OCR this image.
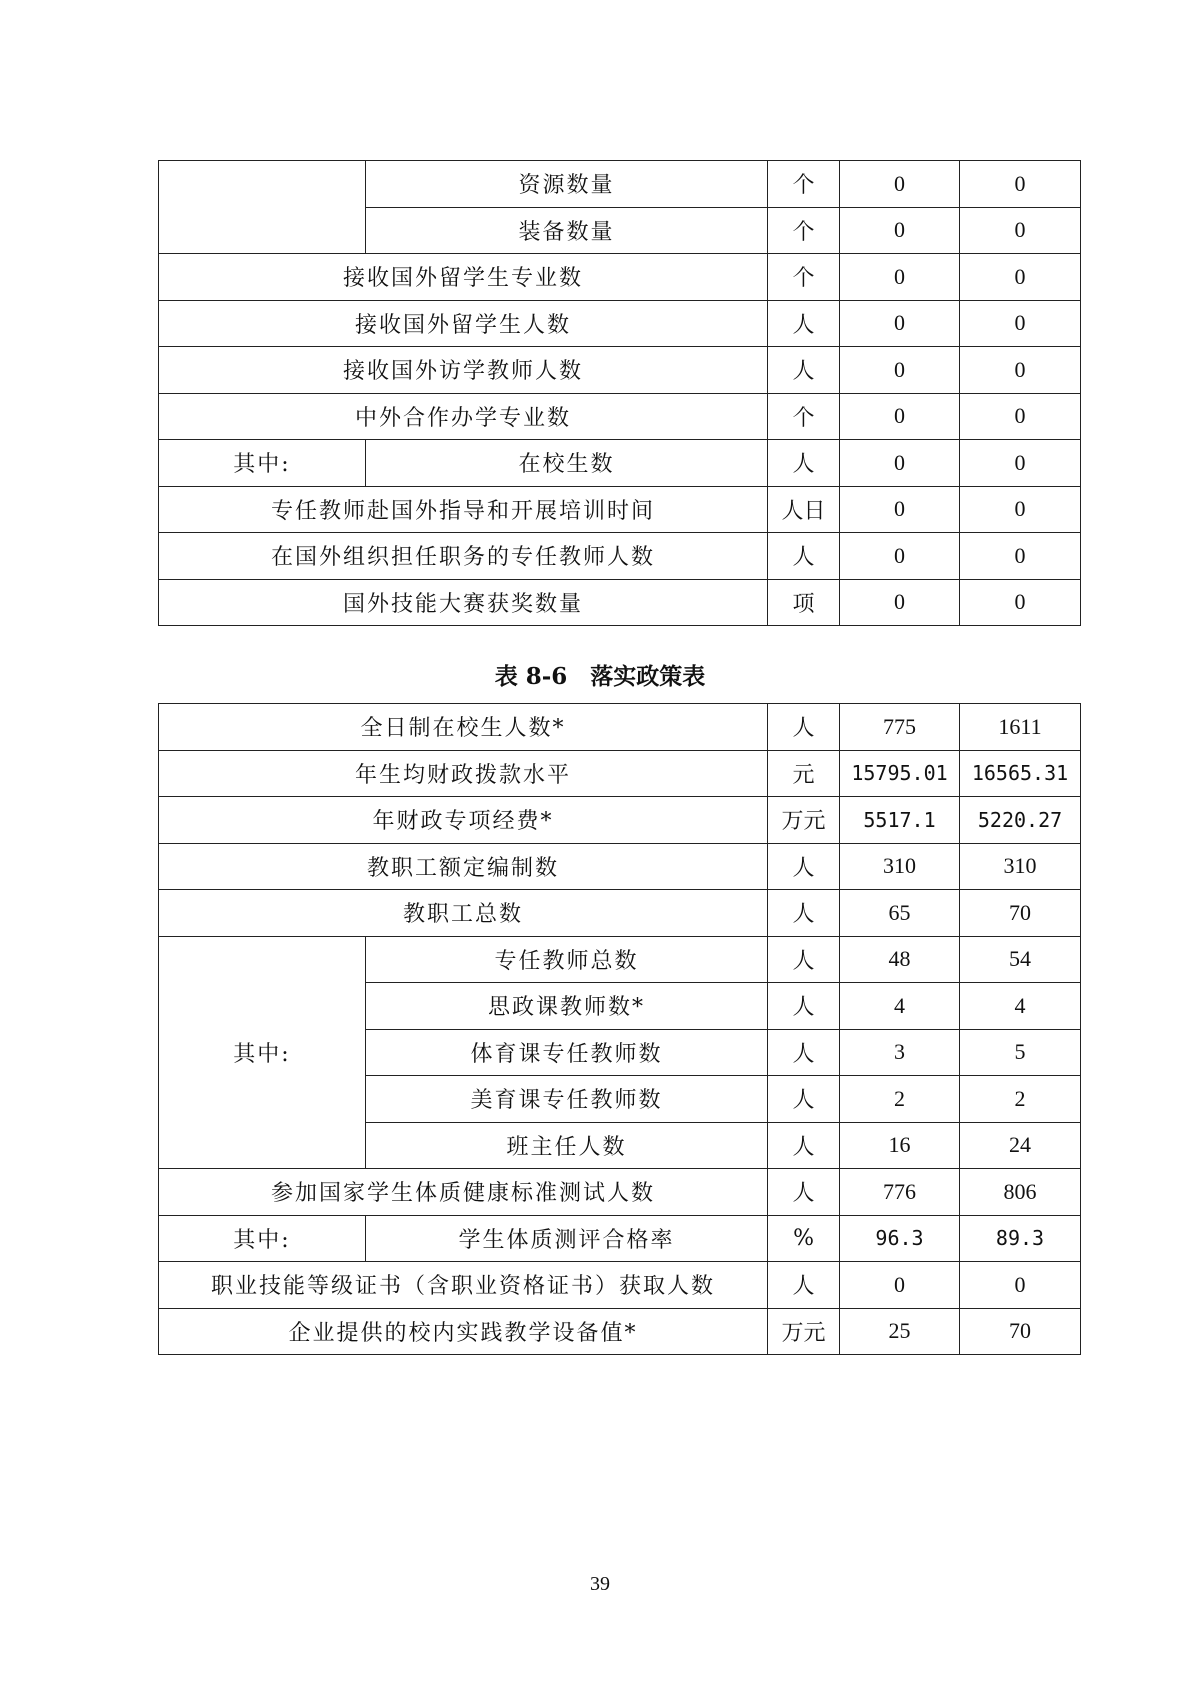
	资源数量	个	0	0
	装备数量	个	0	0
接收国外留学生专业数		个	0	0
接收国外留学生人数		人	0	0
接收国外访学教师人数		人	0	0
中外合作办学专业数		个	0	0
其中:	在校生数	人	0	0
专任教师赴国外指导和开展培训时间		人日	0	0
在国外组织担任职务的专任教师人数		人	0	0
国外技能大赛获奖数量		项	0	0
表 8-6　落实政策表
全日制在校生人数*		人	775	1611
年生均财政拨款水平		元	15795.01	16565.31
年财政专项经费*		万元	5517.1	5220.27
教职工额定编制数		人	310	310
教职工总数		人	65	70
其中:	专任教师总数	人	48	54
	思政课教师数*	人	4	4
	体育课专任教师数	人	3	5
	美育课专任教师数	人	2	2
	班主任人数	人	16	24
参加国家学生体质健康标准测试人数		人	776	806
其中:	学生体质测评合格率	%	96.3	89.3
职业技能等级证书（含职业资格证书）获取人数		人	0	0
企业提供的校内实践教学设备值*		万元	25	70
39
